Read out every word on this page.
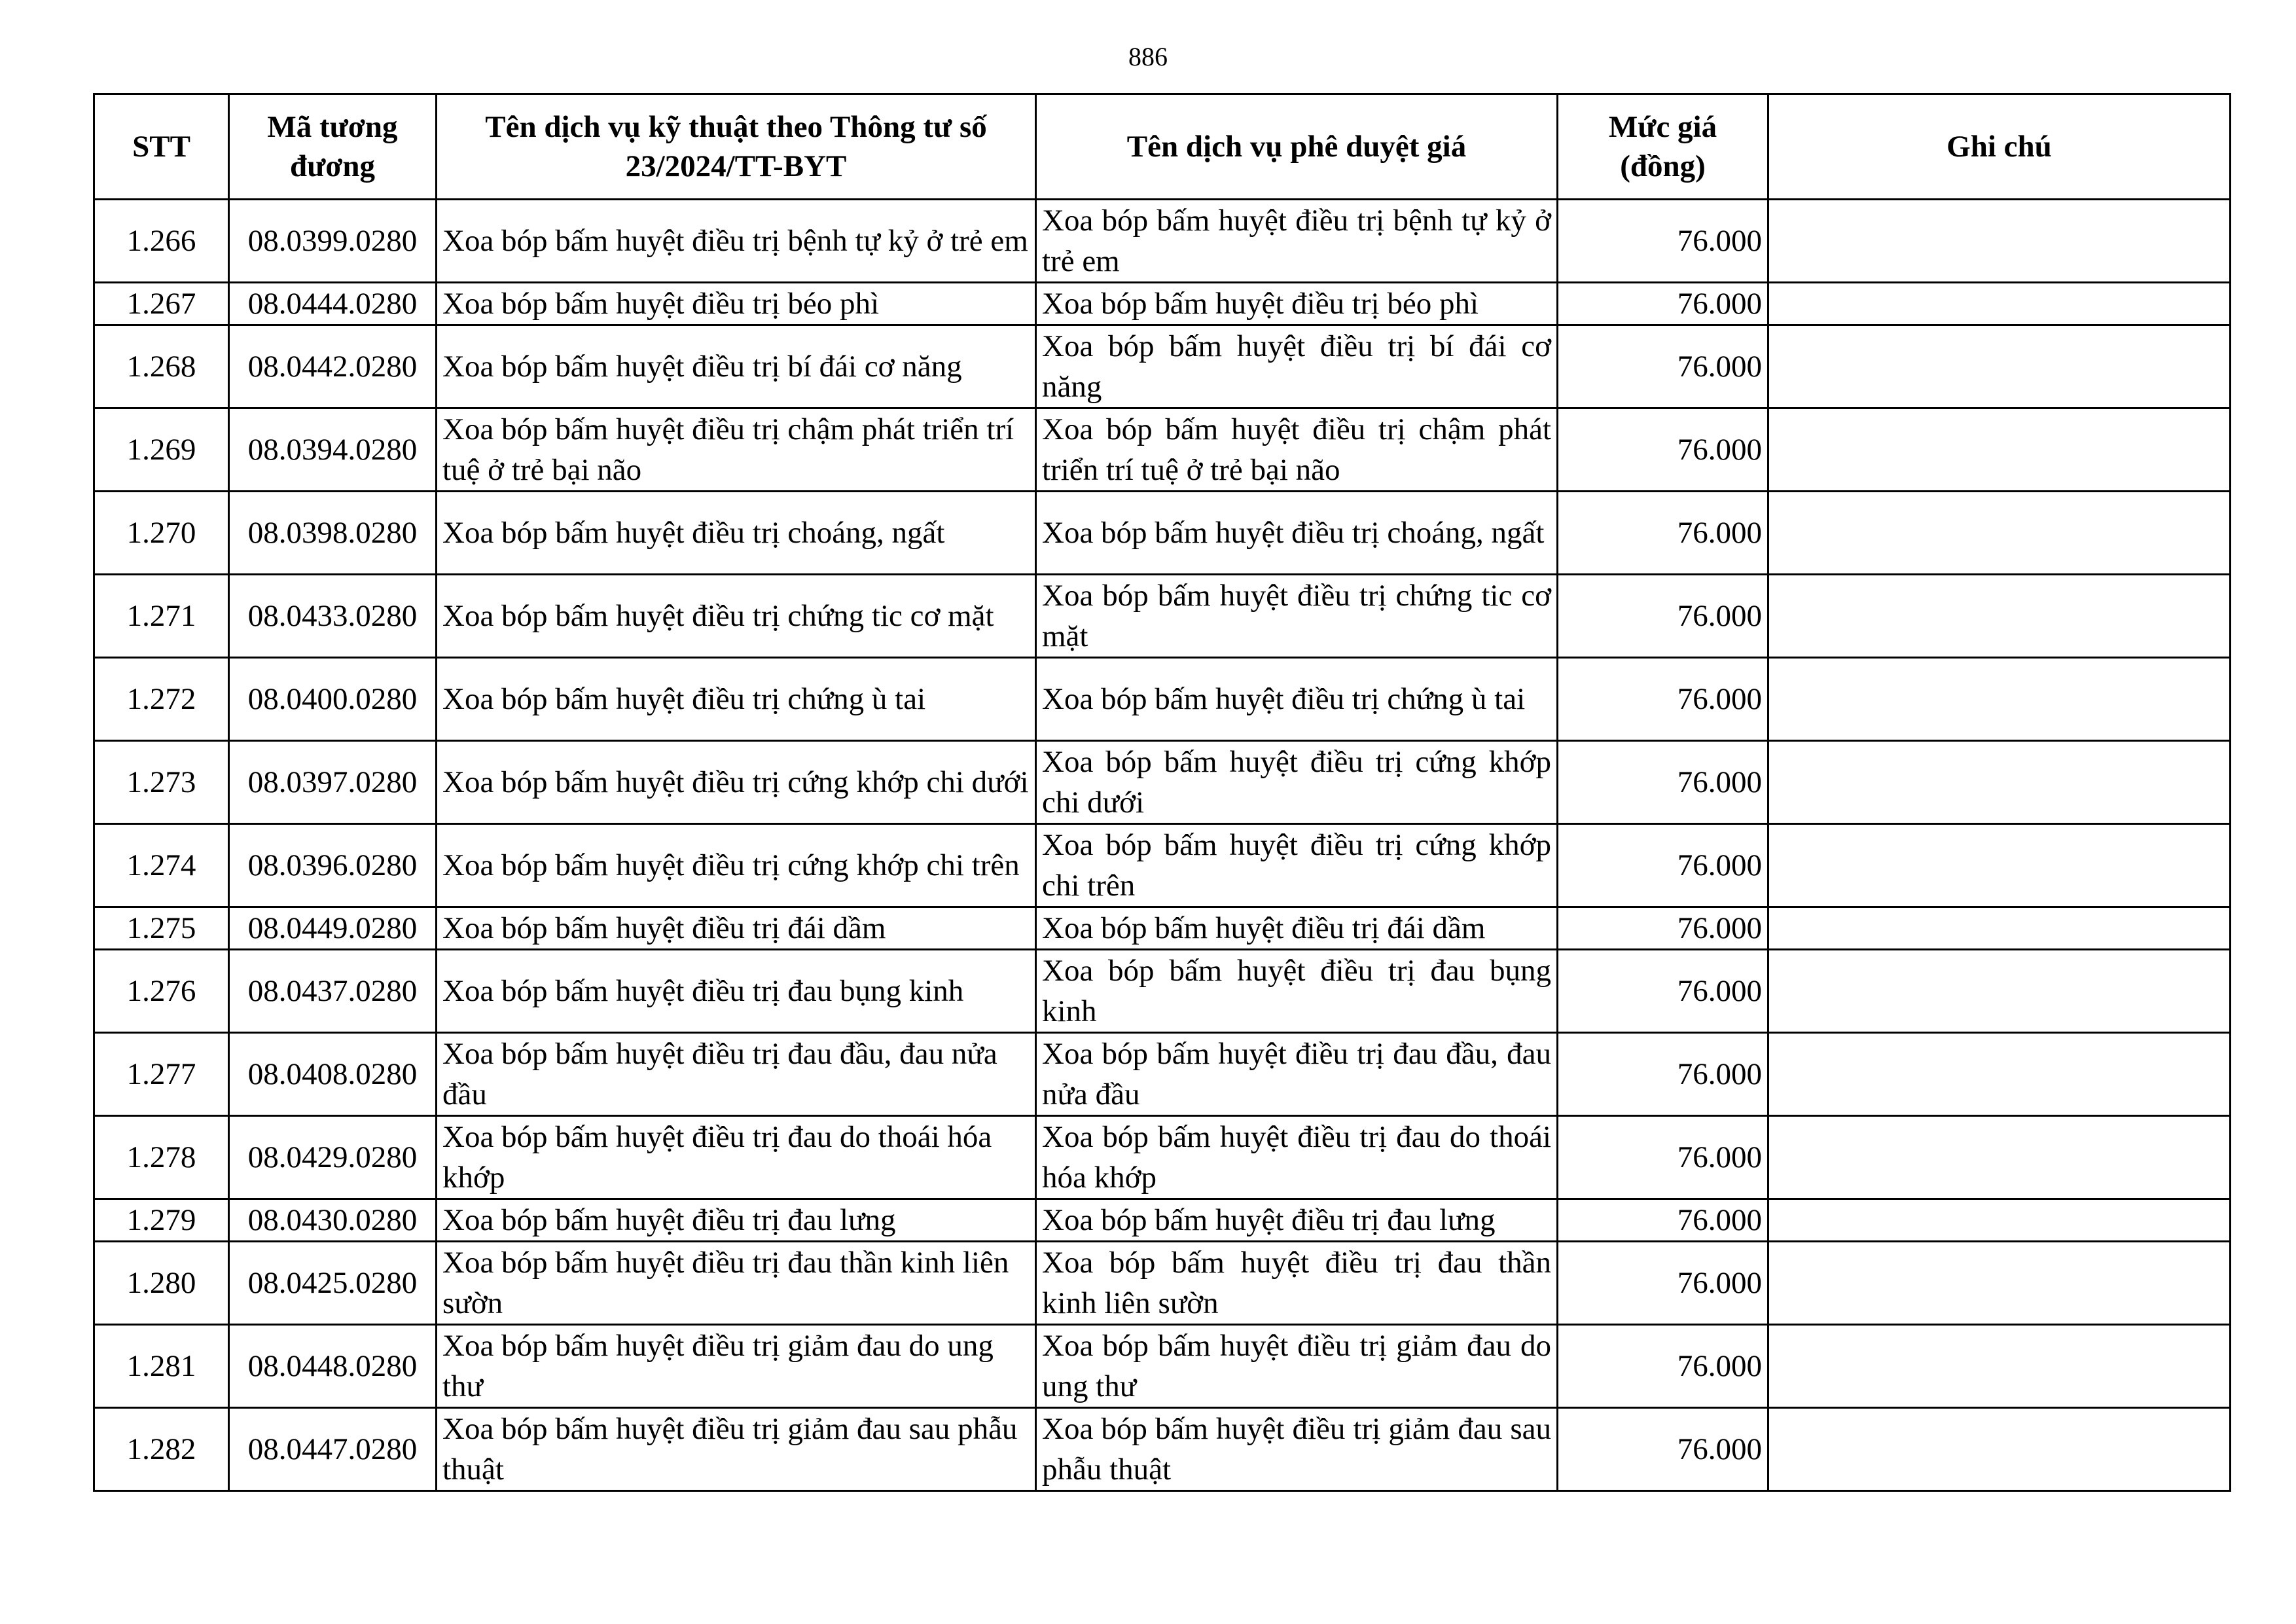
886
STT	Mã tương đương	Tên dịch vụ kỹ thuật theo Thông tư số 23/2024/TT-BYT	Tên dịch vụ phê duyệt giá	Mức giá (đồng)	Ghi chú
1.266	08.0399.0280	Xoa bóp bấm huyệt điều trị bệnh tự kỷ ở trẻ em	Xoa bóp bấm huyệt điều trị bệnh tự kỷ ở trẻ em	76.000	
1.267	08.0444.0280	Xoa bóp bấm huyệt điều trị béo phì	Xoa bóp bấm huyệt điều trị béo phì	76.000	
1.268	08.0442.0280	Xoa bóp bấm huyệt điều trị bí đái cơ năng	Xoa bóp bấm huyệt điều trị bí đái cơ năng	76.000	
1.269	08.0394.0280	Xoa bóp bấm huyệt điều trị chậm phát triển trí tuệ ở trẻ bại não	Xoa bóp bấm huyệt điều trị chậm phát triển trí tuệ ở trẻ bại não	76.000	
1.270	08.0398.0280	Xoa bóp bấm huyệt điều trị choáng, ngất	Xoa bóp bấm huyệt điều trị choáng, ngất	76.000	
1.271	08.0433.0280	Xoa bóp bấm huyệt điều trị chứng tic cơ mặt	Xoa bóp bấm huyệt điều trị chứng tic cơ mặt	76.000	
1.272	08.0400.0280	Xoa bóp bấm huyệt điều trị chứng ù tai	Xoa bóp bấm huyệt điều trị chứng ù tai	76.000	
1.273	08.0397.0280	Xoa bóp bấm huyệt điều trị cứng khớp chi dưới	Xoa bóp bấm huyệt điều trị cứng khớp chi dưới	76.000	
1.274	08.0396.0280	Xoa bóp bấm huyệt điều trị cứng khớp chi trên	Xoa bóp bấm huyệt điều trị cứng khớp chi trên	76.000	
1.275	08.0449.0280	Xoa bóp bấm huyệt điều trị đái dầm	Xoa bóp bấm huyệt điều trị đái dầm	76.000	
1.276	08.0437.0280	Xoa bóp bấm huyệt điều trị đau bụng kinh	Xoa bóp bấm huyệt điều trị đau bụng kinh	76.000	
1.277	08.0408.0280	Xoa bóp bấm huyệt điều trị đau đầu, đau nửa đầu	Xoa bóp bấm huyệt điều trị đau đầu, đau nửa đầu	76.000	
1.278	08.0429.0280	Xoa bóp bấm huyệt điều trị đau do thoái hóa khớp	Xoa bóp bấm huyệt điều trị đau do thoái hóa khớp	76.000	
1.279	08.0430.0280	Xoa bóp bấm huyệt điều trị đau lưng	Xoa bóp bấm huyệt điều trị đau lưng	76.000	
1.280	08.0425.0280	Xoa bóp bấm huyệt điều trị đau thần kinh liên sườn	Xoa bóp bấm huyệt điều trị đau thần kinh liên sườn	76.000	
1.281	08.0448.0280	Xoa bóp bấm huyệt điều trị giảm đau do ung thư	Xoa bóp bấm huyệt điều trị giảm đau do ung thư	76.000	
1.282	08.0447.0280	Xoa bóp bấm huyệt điều trị giảm đau sau phẫu thuật	Xoa bóp bấm huyệt điều trị giảm đau sau phẫu thuật	76.000	
